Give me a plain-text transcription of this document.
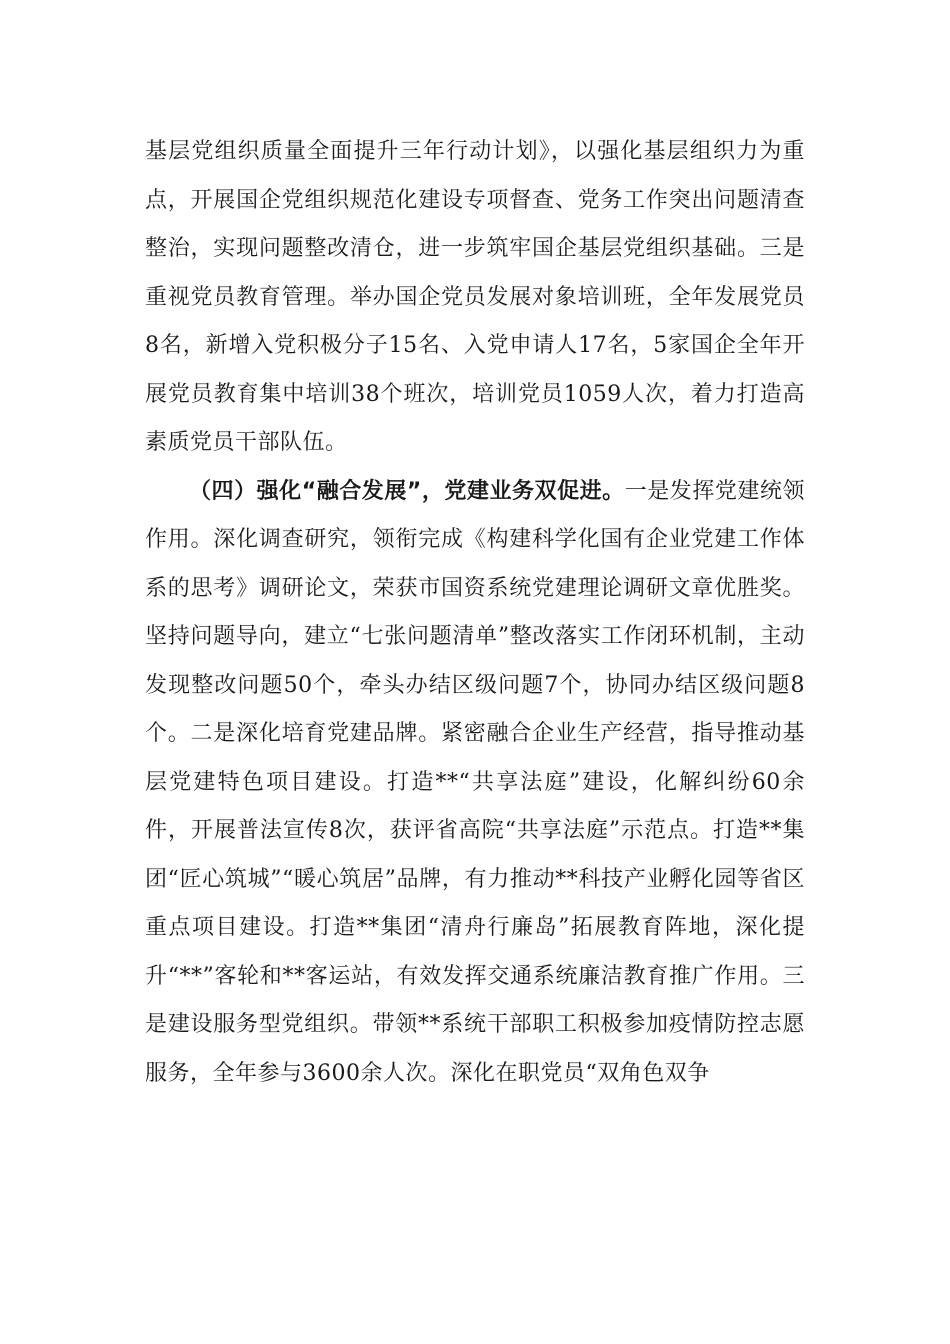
基层党组织质量全面提升三年行动计划》，以强化基层组织力为重点，开展国企党组织规范化建设专项督查、党务工作突出问题清查整治，实现问题整改清仓，进一步筑牢国企基层党组织基础。三是重视党员教育管理。举办国企党员发展对象培训班，全年发展党员8名，新增入党积极分子15名、入党申请人17名，5家国企全年开展党员教育集中培训38个班次，培训党员1059人次，着力打造高素质党员干部队伍。

（四）强化“融合发展”，党建业务双促进。一是发挥党建统领作用。深化调查研究，领衔完成《构建科学化国有企业党建工作体系的思考》调研论文，荣获市国资系统党建理论调研文章优胜奖。坚持问题导向，建立“七张问题清单”整改落实工作闭环机制，主动发现整改问题50个，牵头办结区级问题7个，协同办结区级问题8个。二是深化培育党建品牌。紧密融合企业生产经营，指导推动基层党建特色项目建设。打造**“共享法庭”建设，化解纠纷60余件，开展普法宣传8次，获评省高院“共享法庭”示范点。打造**集团“匠心筑城”“暖心筑居”品牌，有力推动**科技产业孵化园等省区重点项目建设。打造**集团“清舟行廉岛”拓展教育阵地，深化提升“**”客轮和**客运站，有效发挥交通系统廉洁教育推广作用。三是建设服务型党组织。带领**系统干部职工积极参加疫情防控志愿服务，全年参与3600余人次。深化在职党员“双角色双争
